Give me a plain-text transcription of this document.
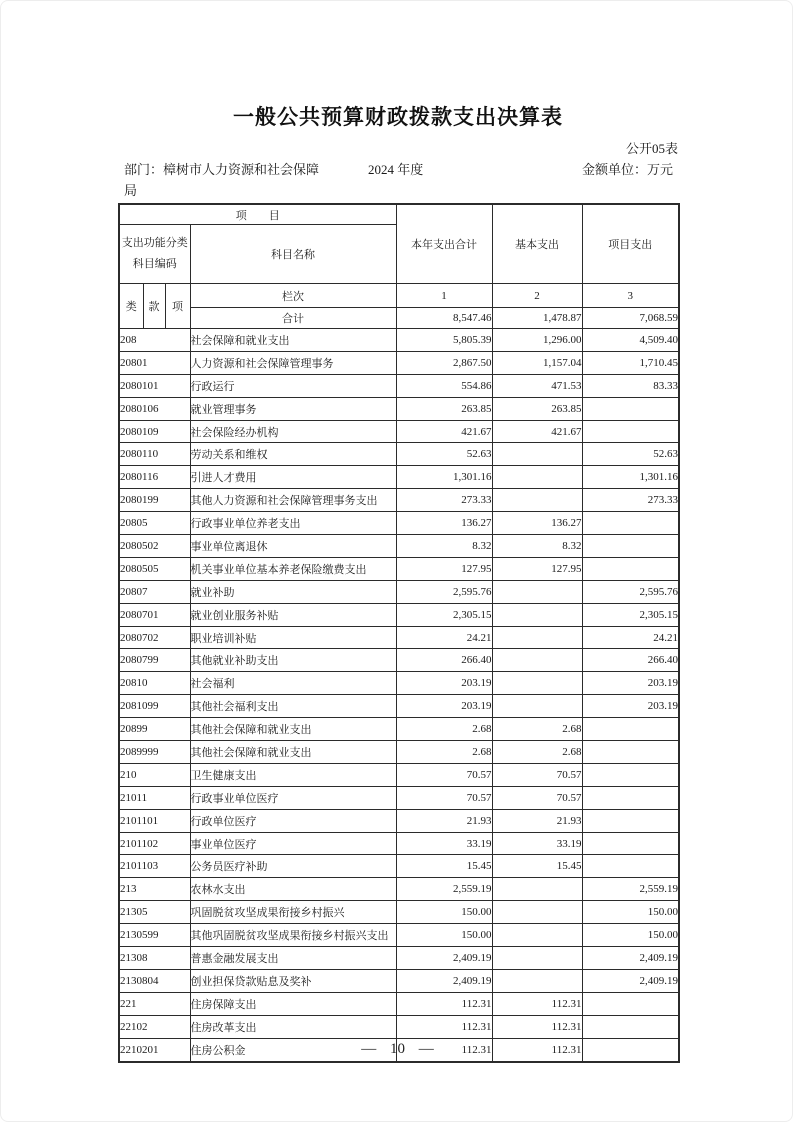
一般公共预算财政拨款支出决算表
公开05表
部门：樟树市人力资源和社会保障	2024 年度	金额单位：万元
局
项　　目				本年支出合计	基本支出	项目支出

支出功能分类
科目编码			科目名称			
类	款	项	栏次	1	2	3
			合计	8,547.46	1,478.87	7,068.59
208			社会保障和就业支出	5,805.39	1,296.00	4,509.40
20801			人力资源和社会保障管理事务	2,867.50	1,157.04	1,710.45
2080101			行政运行	554.86	471.53	83.33
2080106			就业管理事务	263.85	263.85	
2080109			社会保险经办机构	421.67	421.67	
2080110			劳动关系和维权	52.63		52.63
2080116			引进人才费用	1,301.16		1,301.16
2080199			其他人力资源和社会保障管理事务支出	273.33		273.33
20805			行政事业单位养老支出	136.27	136.27	
2080502			事业单位离退休	8.32	8.32	
2080505			机关事业单位基本养老保险缴费支出	127.95	127.95	
20807			就业补助	2,595.76		2,595.76
2080701			就业创业服务补贴	2,305.15		2,305.15
2080702			职业培训补贴	24.21		24.21
2080799			其他就业补助支出	266.40		266.40
20810			社会福利	203.19		203.19
2081099			其他社会福利支出	203.19		203.19
20899			其他社会保障和就业支出	2.68	2.68	
2089999			其他社会保障和就业支出	2.68	2.68	
210			卫生健康支出	70.57	70.57	
21011			行政事业单位医疗	70.57	70.57	
2101101			行政单位医疗	21.93	21.93	
2101102			事业单位医疗	33.19	33.19	
2101103			公务员医疗补助	15.45	15.45	
213			农林水支出	2,559.19		2,559.19
21305			巩固脱贫攻坚成果衔接乡村振兴	150.00		150.00
2130599			其他巩固脱贫攻坚成果衔接乡村振兴支出	150.00		150.00
21308			普惠金融发展支出	2,409.19		2,409.19
2130804			创业担保贷款贴息及奖补	2,409.19		2,409.19
221			住房保障支出	112.31	112.31	
22102			住房改革支出	112.31	112.31	
2210201			住房公积金	112.31	112.31	
— 10 —
